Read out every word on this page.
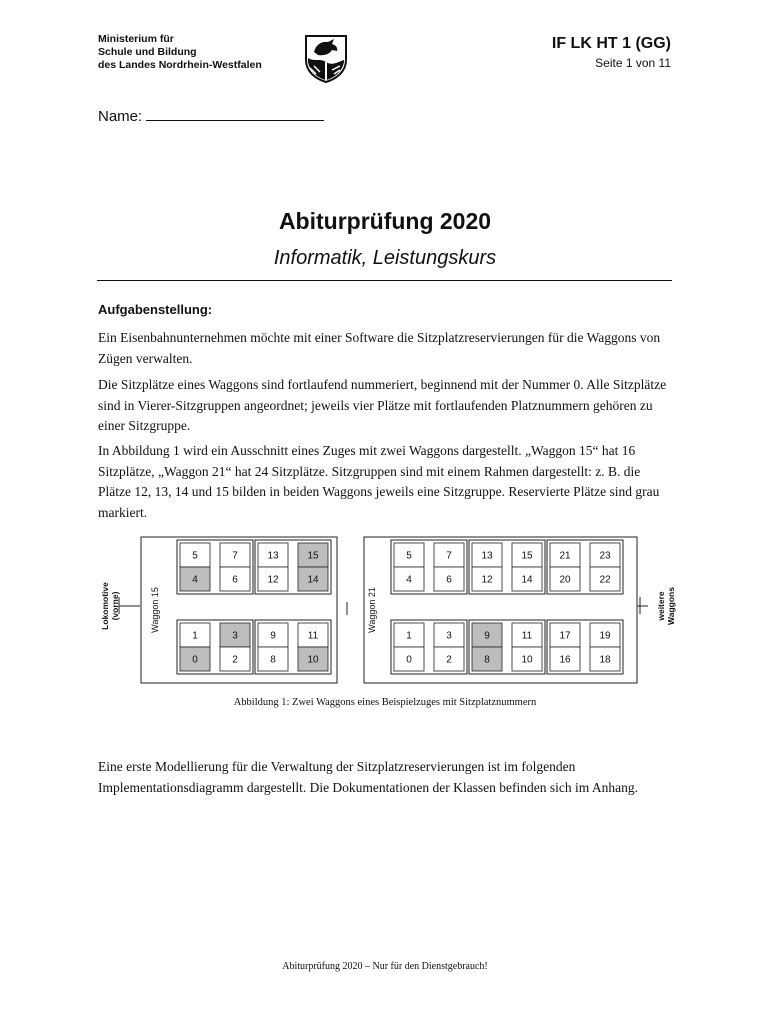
Ministerium für
Schule und Bildung
des Landes Nordrhein-Westfalen
IF LK HT 1 (GG)
Seite 1 von 11
Name:
Abiturprüfung 2020
Informatik, Leistungskurs
Aufgabenstellung:
Ein Eisenbahnunternehmen möchte mit einer Software die Sitzplatzreservierungen für die Waggons von Zügen verwalten.
Die Sitzplätze eines Waggons sind fortlaufend nummeriert, beginnend mit der Nummer 0. Alle Sitzplätze sind in Vierer-Sitzgruppen angeordnet; jeweils vier Plätze mit fortlaufenden Platznummern gehören zu einer Sitzgruppe.
In Abbildung 1 wird ein Ausschnitt eines Zuges mit zwei Waggons dargestellt. „Waggon 15“ hat 16 Sitzplätze, „Waggon 21“ hat 24 Sitzplätze. Sitzgruppen sind mit einem Rahmen dargestellt: z. B. die Plätze 12, 13, 14 und 15 bilden in beiden Waggons jeweils eine Sitzgruppe. Reservierte Plätze sind grau markiert.
Waggon 15
5	7
4	6
13	15
12	14
1	3
0	2
9	11
8	10
Waggon 21
5	7
4	6
13	15
12	14
21	23
20	22
1	3
0	2
9	11
8	10
17	19
16	18
Lokomotive(vorne)	weitereWaggons
Abbildung 1: Zwei Waggons eines Beispielzuges mit Sitzplatznummern
Eine erste Modellierung für die Verwaltung der Sitzplatzreservierungen ist im folgenden Implementationsdiagramm dargestellt. Die Dokumentationen der Klassen befinden sich im Anhang.
Abiturprüfung 2020 – Nur für den Dienstgebrauch!
